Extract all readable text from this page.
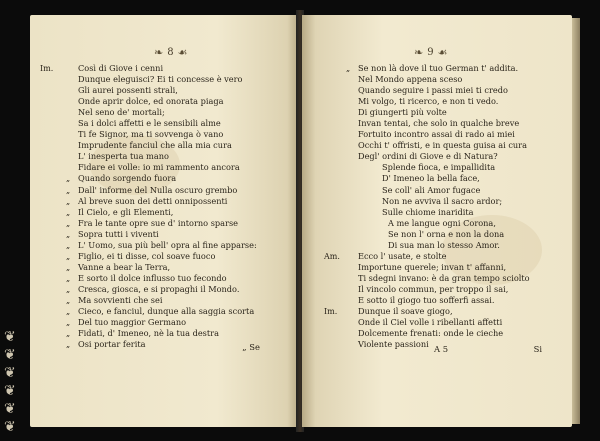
❦
❦
❦
❦
❦
❦
❧ 8 ☙
Im.	Così di Giove i cenni
Dunque eleguisci? Ei ti concesse è vero
Gli aurei possenti strali,
Onde aprir dolce, ed onorata piaga
Nel seno de' mortali;
Sa i dolci affetti e le sensibili alme
Ti fe Signor, ma ti sovvenga ò vano
Imprudente fanciul che alla mia cura
L' inesperta tua mano
Fidare ei volle: io mi rammento ancora
„ Quando sorgendo fuora
„ Dall' informe del Nulla oscuro grembo
„ Al breve suon dei detti onnipossenti
„ Il Cielo, e gli Elementi,
„ Fra le tante opre sue d' intorno sparse
„ Sopra tutti i viventi
„ L' Uomo, sua più bell' opra al fine apparse:
„ Figlio, ei ti disse, col soave fuoco
„ Vanne a bear la Terra,
„ E sorto il dolce influsso tuo fecondo
„ Cresca, giosca, e si propaghi il Mondo.
„ Ma sovvienti che sei
„ Cieco, e fanciul, dunque alla saggia scorta
„ Del tuo maggior Germano
„ Fidati, d' Imeneo, nè la tua destra
„ Osi portar ferita	„ Se
❧ 9 ☙
„ Se non là dove il tuo German t' addita.
Nel Mondo appena sceso
Quando seguire i passi miei ti credo
Mi volgo, ti ricerco, e non ti vedo.
Di giungerti più volte
Invan tentai, che solo in qualche breve
Fortuito incontro assai di rado ai miei
Occhi t' offristi, e in questa guisa ai cura
Degl' ordini di Giove e di Natura?
Splende fioca, e impallidita
D' Imeneo la bella face,
Se coll' ali Amor fugace
Non ne avviva il sacro ardor;
Sulle chiome inaridita
A me langue ogni Corona,
Se non l' orna e non la dona
Di sua man lo stesso Amor.
Am.	Ecco l' usate, e stolte
Importune querele; invan t' affanni,
Ti sdegni invano: è da gran tempo sciolto
Il vincolo commun, per troppo il sai,
E sotto il giogo tuo sofferfi assai.
Im.	Dunque il soave giogo,
Onde il Ciel volle i ribellanti affetti
Dolcemente frenati: onde le cieche
Violente passioni A 5	Si
